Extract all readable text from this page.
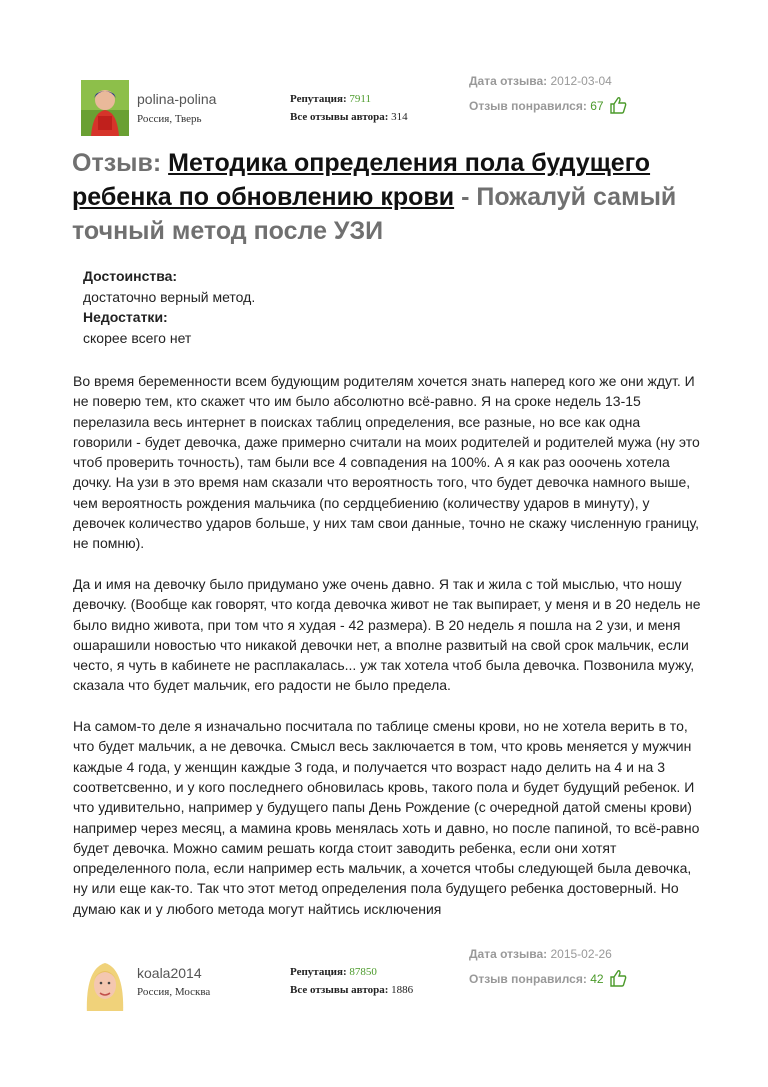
polina-polina
Россия, Тверь
Репутация: 7911
Все отзывы автора: 314
Дата отзыва: 2012-03-04
Отзыв понравился: 67
Отзыв: Методика определения пола будущего ребенка по обновлению крови - Пожалуй самый точный метод после УЗИ
Достоинства:
достаточно верный метод.
Недостатки:
скорее всего нет

Во время беременности всем будующим родителям хочется знать наперед кого же они ждут. И не поверю тем, кто скажет что им было абсолютно всё-равно. Я на сроке недель 13-15 перелазила весь интернет в поисках таблиц определения, все разные, но все как одна говорили - будет девочка, даже примерно считали на моих родителей и родителей мужа (ну это чтоб проверить точность), там были все 4 совпадения на 100%. А я как раз ооочень хотела дочку. На узи в это время нам сказали что вероятность того, что будет девочка намного выше, чем вероятность рождения мальчика (по сердцебиению (количеству ударов в минуту), у девочек количество ударов больше, у них там свои данные, точно не скажу численную границу, не помню).

Да и имя на девочку было придумано уже очень давно. Я так и жила с той мыслью, что ношу девочку. (Вообще как говорят, что когда девочка живот не так выпирает, у меня и в 20 недель не было видно живота, при том что я худая - 42 размера). В 20 недель я пошла на 2 узи, и меня ошарашили новостью что никакой девочки нет, а вполне развитый на свой срок мальчик, если често, я чуть в кабинете не расплакалась... уж так хотела чтоб была девочка. Позвонила мужу, сказала что будет мальчик, его радости не было предела.

На самом-то деле я изначально посчитала по таблице смены крови, но не хотела верить в то, что будет мальчик, а не девочка. Смысл весь заключается в том, что кровь меняется у мужчин каждые 4 года, у женщин каждые 3 года, и получается что возраст надо делить на 4 и на 3 соответсвенно, и у кого последнего обновилась кровь, такого пола и будет будущий ребенок. И что удивительно, например у будущего папы День Рождение (с очередной датой смены крови) например через месяц, а мамина кровь менялась хоть и давно, но после папиной, то всё-равно будет девочка. Можно самим решать когда стоит заводить ребенка, если они хотят определенного пола, если например есть мальчик, а хочется чтобы следующей была девочка, ну или еще как-то. Так что этот метод определения пола будущего ребенка достоверный. Но думаю как и у любого метода могут найтись исключения

koala2014
Россия, Москва
Репутация: 87850
Все отзывы автора: 1886
Дата отзыва: 2015-02-26
Отзыв понравился: 42
